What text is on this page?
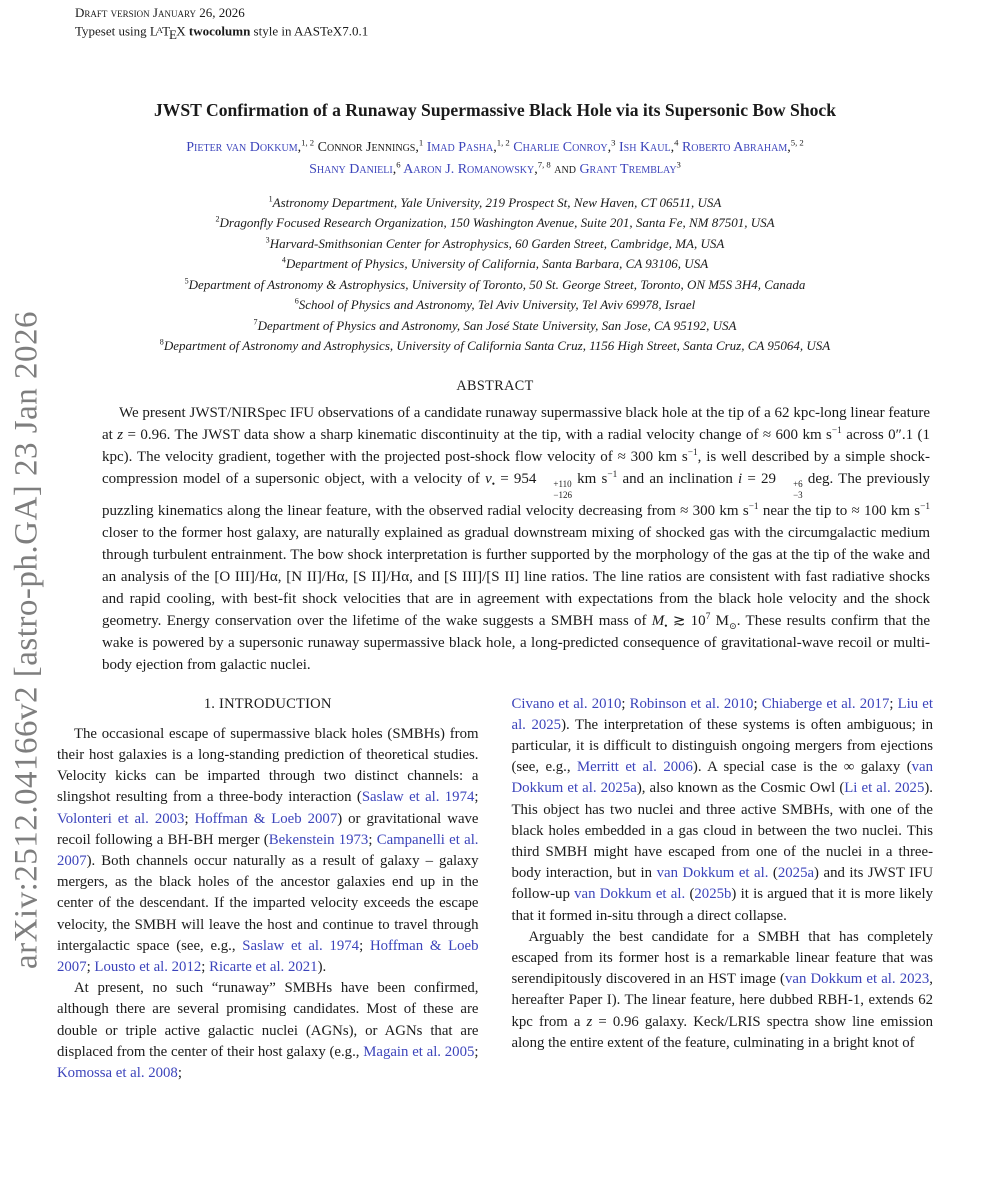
arXiv:2512.04166v2 [astro-ph.GA] 23 Jan 2026
Draft version January 26, 2026
Typeset using $L^ATEX$ twocolumn style in AASTeX7.0.1
JWST Confirmation of a Runaway Supermassive Black Hole via its Supersonic Bow Shock
Pieter van Dokkum,$^{1, 2}$ Connor Jennings,$^1$ Imad Pasha,$^{1, 2}$ Charlie Conroy,$^3$ Ish Kaul,$^4$ Roberto Abraham,$^{5, 2}$
Shany Danieli,$^6$ Aaron J. Romanowsky,$^{7, 8}$ and Grant Tremblay$^3$
$^1$Astronomy Department, Yale University, 219 Prospect St, New Haven, CT 06511, USA
$^2$Dragonfly Focused Research Organization, 150 Washington Avenue, Suite 201, Santa Fe, NM 87501, USA
$^3$Harvard-Smithsonian Center for Astrophysics, 60 Garden Street, Cambridge, MA, USA
$^4$Department of Physics, University of California, Santa Barbara, CA 93106, USA
$^5$Department of Astronomy & Astrophysics, University of Toronto, 50 St. George Street, Toronto, ON M5S 3H4, Canada
$^6$School of Physics and Astronomy, Tel Aviv University, Tel Aviv 69978, Israel
$^7$Department of Physics and Astronomy, San José State University, San Jose, CA 95192, USA
$^8$Department of Astronomy and Astrophysics, University of California Santa Cruz, 1156 High Street, Santa Cruz, CA 95064, USA
ABSTRACT
We present JWST/NIRSpec IFU observations of a candidate runaway supermassive black hole at the tip of a 62 kpc-long linear feature at z = 0.96. The JWST data show a sharp kinematic discontinuity at the tip, with a radial velocity change of ≈ 600 km $s^{-1}$ across 0″.1 (1 kpc). The velocity gradient, together with the projected post-shock flow velocity of ≈ 300 km $s^{-1}$, is well described by a simple shock-compression model of a supersonic object, with a velocity of $v_• = 954$	+110
−126
km $s^{-1}$ and an inclination i = 29	+6
−3
deg. The previously puzzling kinematics along the linear feature, with the observed radial velocity decreasing from ≈ 300 km $s^{-1}$ near the tip to ≈ 100 km $s^{-1}$ closer to the former host galaxy, are naturally explained as gradual downstream mixing of shocked gas with the circumgalactic medium through turbulent entrainment. The bow shock interpretation is further supported by the morphology of the gas at the tip of the wake and an analysis of the [O III]/Hα, [N II]/Hα, [S II]/Hα, and [S III]/[S II] line ratios. The line ratios are consistent with fast radiative shocks and rapid cooling, with best-fit shock velocities that are in agreement with expectations from the black hole velocity and the shock geometry. Energy conservation over the lifetime of the wake suggests a SMBH mass of $M_•$ ≳ $10^7$ $M_⊙$. These results confirm that the wake is powered by a supersonic runaway supermassive black hole, a long-predicted consequence of gravitational-wave recoil or multi-body ejection from galactic nuclei.
1. INTRODUCTION

The occasional escape of supermassive black holes (SMBHs) from their host galaxies is a long-standing prediction of theoretical studies. Velocity kicks can be imparted through two distinct channels: a slingshot resulting from a three-body interaction (Saslaw et al. 1974; Volonteri et al. 2003; Hoffman & Loeb 2007) or gravitational wave recoil following a BH-BH merger (Bekenstein 1973; Campanelli et al. 2007). Both channels occur naturally as a result of galaxy – galaxy mergers, as the black holes of the ancestor galaxies end up in the center of the descendant. If the imparted velocity exceeds the escape velocity, the SMBH will leave the host and continue to travel through intergalactic space (see, e.g., Saslaw et al. 1974; Hoffman & Loeb 2007; Lousto et al. 2012; Ricarte et al. 2021).

At present, no such “runaway” SMBHs have been confirmed, although there are several promising candidates. Most of these are double or triple active galactic nuclei (AGNs), or AGNs that are displaced from the center of their host galaxy (e.g., Magain et al. 2005; Komossa et al. 2008;

Civano et al. 2010; Robinson et al. 2010; Chiaberge et al. 2017; Liu et al. 2025). The interpretation of these systems is often ambiguous; in particular, it is difficult to distinguish ongoing mergers from ejections (see, e.g., Merritt et al. 2006). A special case is the ∞ galaxy (van Dokkum et al. 2025a), also known as the Cosmic Owl (Li et al. 2025). This object has two nuclei and three active SMBHs, with one of the black holes embedded in a gas cloud in between the two nuclei. This third SMBH might have escaped from one of the nuclei in a three-body interaction, but in van Dokkum et al. (2025a) and its JWST IFU follow-up van Dokkum et al. (2025b) it is argued that it is more likely that it formed in-situ through a direct collapse.

Arguably the best candidate for a SMBH that has completely escaped from its former host is a remarkable linear feature that was serendipitously discovered in an HST image (van Dokkum et al. 2023, hereafter Paper I). The linear feature, here dubbed RBH-1, extends 62 kpc from a z = 0.96 galaxy. Keck/LRIS spectra show line emission along the entire extent of the feature, culminating in a bright knot of
